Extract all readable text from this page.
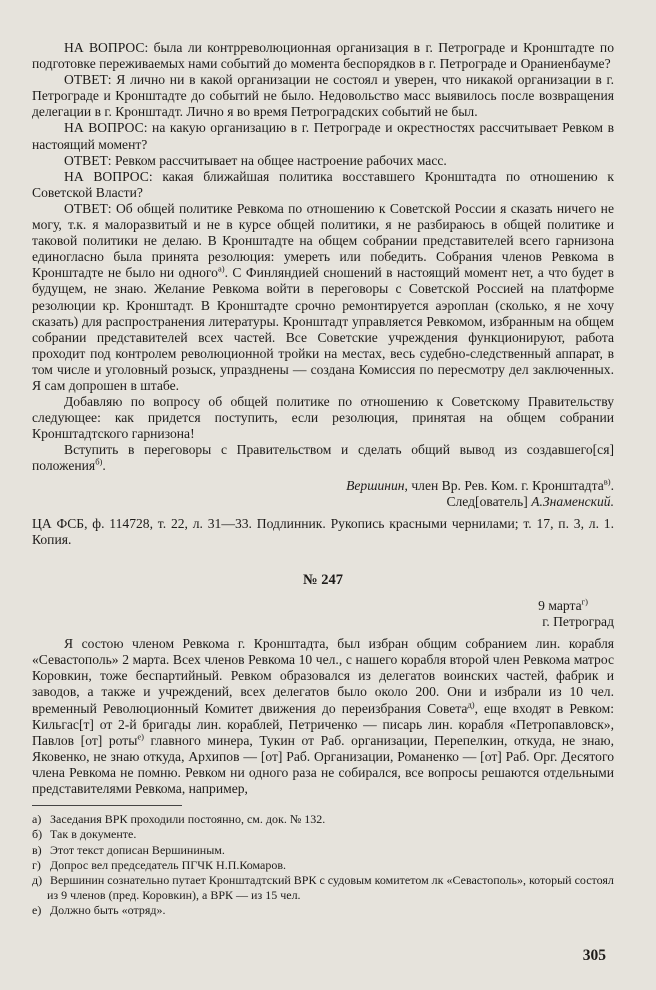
НА ВОПРОС: была ли контрреволюционная организация в г. Петрограде и Кронштадте по подготовке переживаемых нами событий до момента беспорядков в г. Петрограде и Ораниенбауме?

ОТВЕТ: Я лично ни в какой организации не состоял и уверен, что никакой организации в г. Петрограде и Кронштадте до событий не было. Недовольство масс выявилось после возвращения делегации в г. Кронштадт. Лично я во время Петроградских событий не был.

НА ВОПРОС: на какую организацию в г. Петрограде и окрестностях рассчитывает Ревком в настоящий момент?

ОТВЕТ: Ревком рассчитывает на общее настроение рабочих масс.

НА ВОПРОС: какая ближайшая политика восставшего Кронштадта по отношению к Советской Власти?

ОТВЕТ: Об общей политике Ревкома по отношению к Советской России я сказать ничего не могу, т.к. я малоразвитый и не в курсе общей политики, я не разбираюсь в общей политике и таковой политики не делаю. В Кронштадте на общем собрании представителей всего гарнизона единогласно была принята резолюция: умереть или победить. Собрания членов Ревкома в Кронштадте не было ни одного$^{а)}$. С Финляндией сношений в настоящий момент нет, а что будет в будущем, не знаю. Желание Ревкома войти в переговоры с Советской Россией на платформе резолюции кр. Кронштадт. В Кронштадте срочно ремонтируется аэроплан (сколько, я не хочу сказать) для распространения литературы. Кронштадт управляется Ревкомом, избранным на общем собрании представителей всех частей. Все Советские учреждения функционируют, работа проходит под контролем революционной тройки на местах, весь судебно-следственный аппарат, в том числе и уголовный розыск, упразднены — создана Комиссия по пересмотру дел заключенных. Я сам допрошен в штабе.

Добавляю по вопросу об общей политике по отношению к Советскому Правительству следующее: как придется поступить, если резолюция, принятая на общем собрании Кронштадтского гарнизона!

Вступить в переговоры с Правительством и сделать общий вывод из создавшего[ся] положения$^{б)}$.

Вершинин, член Вр. Рев. Ком. г. Кронштадта$^{в)}$.

След[ователь] А.Знаменский.

ЦА ФСБ, ф. 114728, т. 22, л. 31—33. Подлинник. Рукопись красными чернилами; т. 17, п. 3, л. 1. Копия.

№ 247

9 марта$^{г)}$

г. Петроград

Я состою членом Ревкома г. Кронштадта, был избран общим собранием лин. корабля «Севастополь» 2 марта. Всех членов Ревкома 10 чел., с нашего корабля второй член Ревкома матрос Коровкин, тоже беспартийный. Ревком образовался из делегатов воинских частей, фабрик и заводов, а также и учреждений, всех делегатов было около 200. Они и избрали из 10 чел. временный Революционный Комитет движения до переизбрания Совета$^{д)}$, еще входят в Ревком: Кильгас[т] от 2-й бригады лин. кораблей, Петриченко — писарь лин. корабля «Петропавловск», Павлов [от] роты$^{е)}$ главного минера, Тукин от Раб. организации, Перепелкин, откуда, не знаю, Яковенко, не знаю откуда, Архипов — [от] Раб. Организации, Романенко — [от] Раб. Орг. Десятого члена Ревкома не помню. Ревком ни одного раза не собирался, все вопросы решаются отдельными представителями Ревкома, например,

а) Заседания ВРК проходили постоянно, см. док. № 132.

б) Так в документе.

в) Этот текст дописан Вершининым.

г) Допрос вел председатель ПГЧК Н.П.Комаров.

д) Вершинин сознательно путает Кронштадтский ВРК с судовым комитетом лк «Севастополь», который состоял из 9 членов (пред. Коровкин), а ВРК — из 15 чел.

е) Должно быть «отряд».

305
